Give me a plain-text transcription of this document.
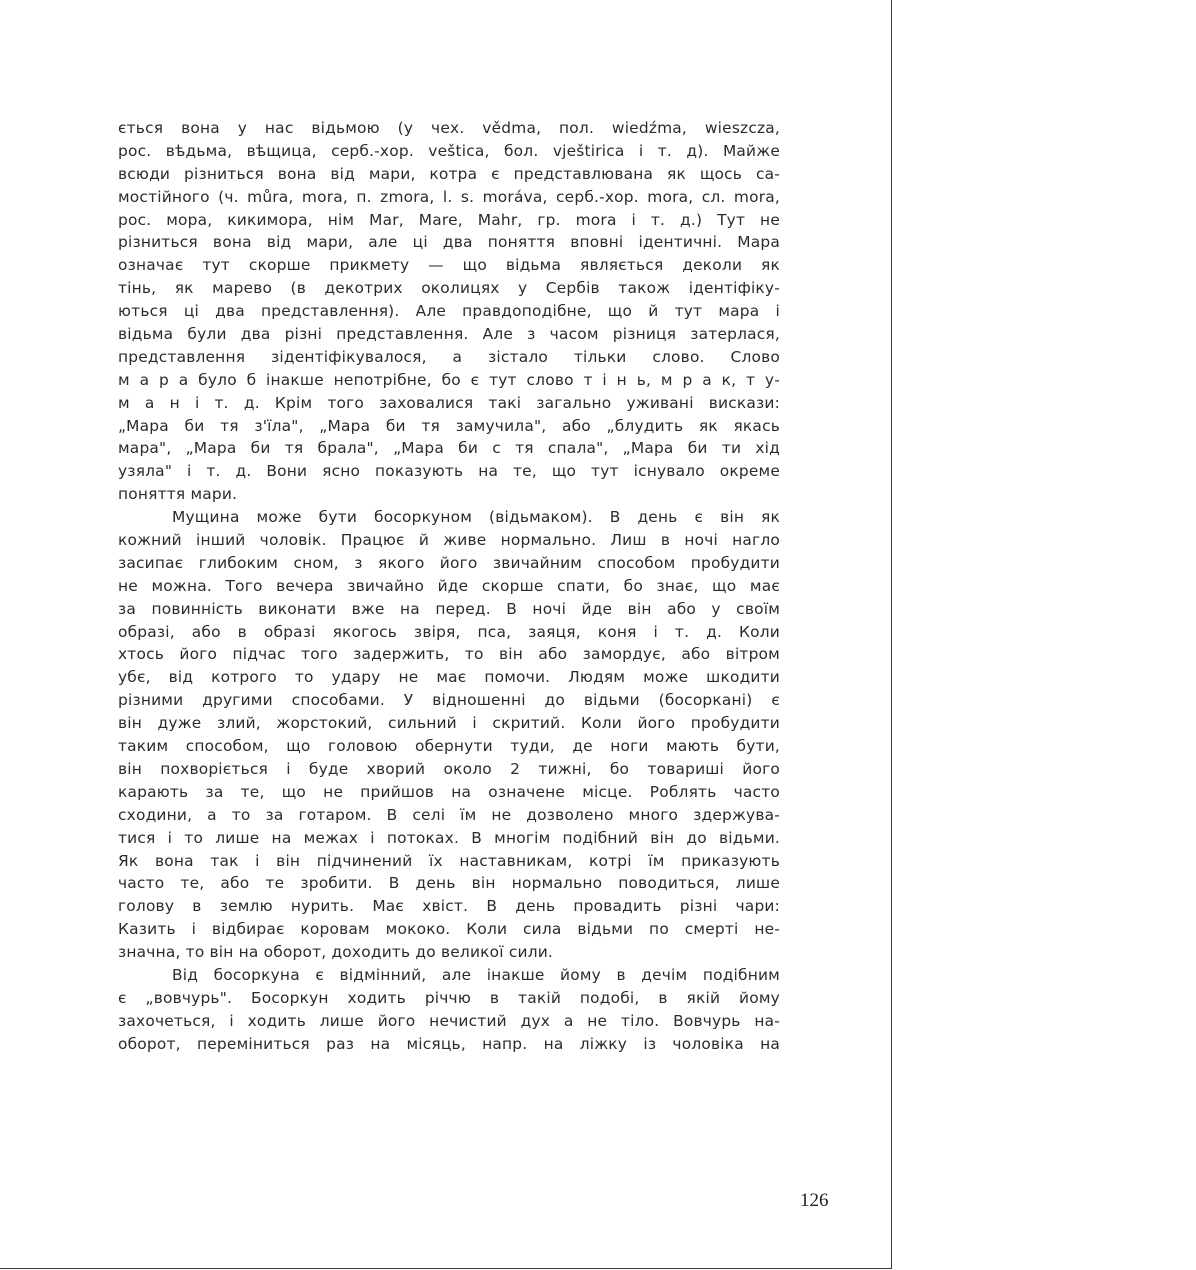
ється вона у нас відьмою (у чех. vědma, пол. wiedźma, wieszcza,
рос. вѣдьма, вѣщица, серб.-хор. veštica, бол. vještirica і т. д). Майже
всюди різниться вона від мари, котра є представлювана як щось са-
мостійного (ч. můra, mora, п. zmora, l. s. moráva, серб.-хор. mora, сл. mora,
рос. мора, кикимора, нім Mar, Mare, Mahr, гр. mora і т. д.) Тут не
різниться вона від мари, але ці два поняття вповні ідентичні. Мара
означає тут скорше прикмету — що відьма являється деколи як
тінь, як марево (в декотрих околицях у Сербів також ідентіфіку-
ються ці два представлення). Але правдоподібне, що й тут мара і
відьма були два різні представлення. Але з часом різниця затерлася,
представлення зідентіфікувалося, а зістало тільки слово. Слово
м а р а було б інакше непотрібне, бо є тут слово т і н ь, м р а к, т у-
м а н і т. д. Крім того заховалися такі загально уживані вискази:
„Мара би тя з'їла", „Мара би тя замучила", або „блудить як якась
мара", „Мара би тя брала", „Мара би с тя спала", „Мара би ти хід
узяла" і т. д. Вони ясно показують на те, що тут існувало окреме
поняття мари.
Мущина може бути босоркуном (відьмаком). В день є він як
кожний інший чоловік. Працює й живе нормально. Лиш в ночі нагло
засипає глибоким сном, з якого його звичайним способом пробудити
не можна. Того вечера звичайно йде скорше спати, бо знає, що має
за повинність виконати вже на перед. В ночі йде він або у своїм
образі, або в образі якогось звіря, пса, заяця, коня і т. д. Коли
хтось його підчас того задержить, то він або замордує, або вітром
убє, від котрого то удару не має помочи. Людям може шкодити
різними другими способами. У відношенні до відьми (босоркані) є
він дуже злий, жорстокий, сильний і скритий. Коли його пробудити
таким способом, що головою обернути туди, де ноги мають бути,
він похворіється і буде хворий около 2 тижні, бо товариші його
карають за те, що не прийшов на означене місце. Роблять часто
сходини, а то за готаром. В селі їм не дозволено много здержува-
тися і то лише на межах і потоках. В многім подібний він до відьми.
Як вона так і він підчинений їх наставникам, котрі їм приказують
часто те, або те зробити. В день він нормально поводиться, лише
голову в землю нурить. Має хвіст. В день провадить різні чари:
Казить і відбирає коровам мококо. Коли сила відьми по смерті не-
значна, то він на оборот, доходить до великої сили.
Від босоркуна є відмінний, але інакше йому в дечім подібним
є „вовчурь". Босоркун ходить річчю в такій подобі, в якій йому
захочеться, і ходить лише його нечистий дух а не тіло. Вовчурь на-
оборот, переміниться раз на місяць, напр. на ліжку із чоловіка на
126
